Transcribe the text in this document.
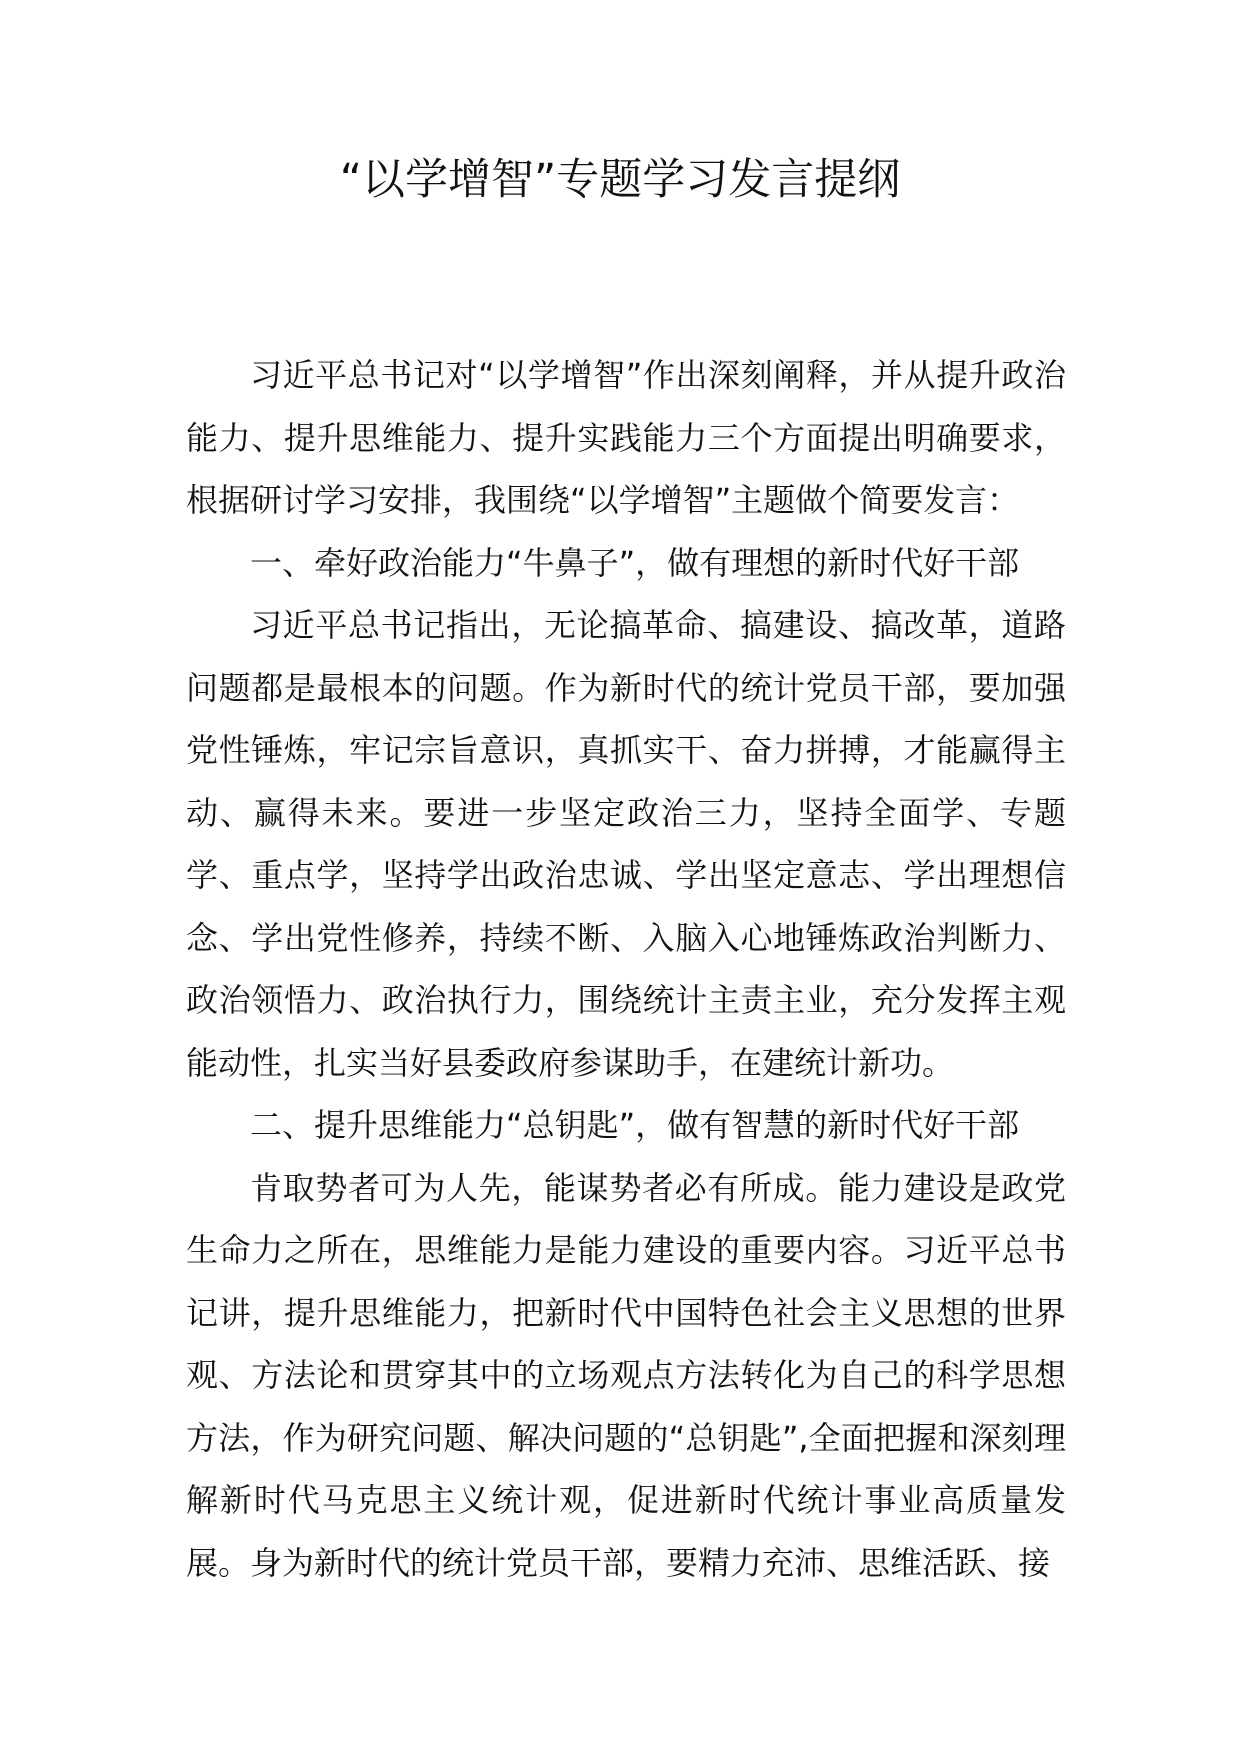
“以学增智”专题学习发言提纲

习近平总书记对“以学增智”作出深刻阐释，并从提升政治能力、提升思维能力、提升实践能力三个方面提出明确要求，根据研讨学习安排，我围绕“以学增智”主题做个简要发言：

一、牵好政治能力“牛鼻子”，做有理想的新时代好干部

习近平总书记指出，无论搞革命、搞建设、搞改革，道路问题都是最根本的问题。作为新时代的统计党员干部，要加强党性锤炼，牢记宗旨意识，真抓实干、奋力拼搏，才能赢得主动、赢得未来。要进一步坚定政治三力，坚持全面学、专题学、重点学，坚持学出政治忠诚、学出坚定意志、学出理想信念、学出党性修养，持续不断、入脑入心地锤炼政治判断力、政治领悟力、政治执行力，围绕统计主责主业，充分发挥主观能动性，扎实当好县委政府参谋助手，在建统计新功。

二、提升思维能力“总钥匙”，做有智慧的新时代好干部

肯取势者可为人先，能谋势者必有所成。能力建设是政党生命力之所在，思维能力是能力建设的重要内容。习近平总书记讲，提升思维能力，把新时代中国特色社会主义思想的世界观、方法论和贯穿其中的立场观点方法转化为自己的科学思想方法，作为研究问题、解决问题的“总钥匙”,全面把握和深刻理解新时代马克思主义统计观，促进新时代统计事业高质量发展。身为新时代的统计党员干部，要精力充沛、思维活跃、接
